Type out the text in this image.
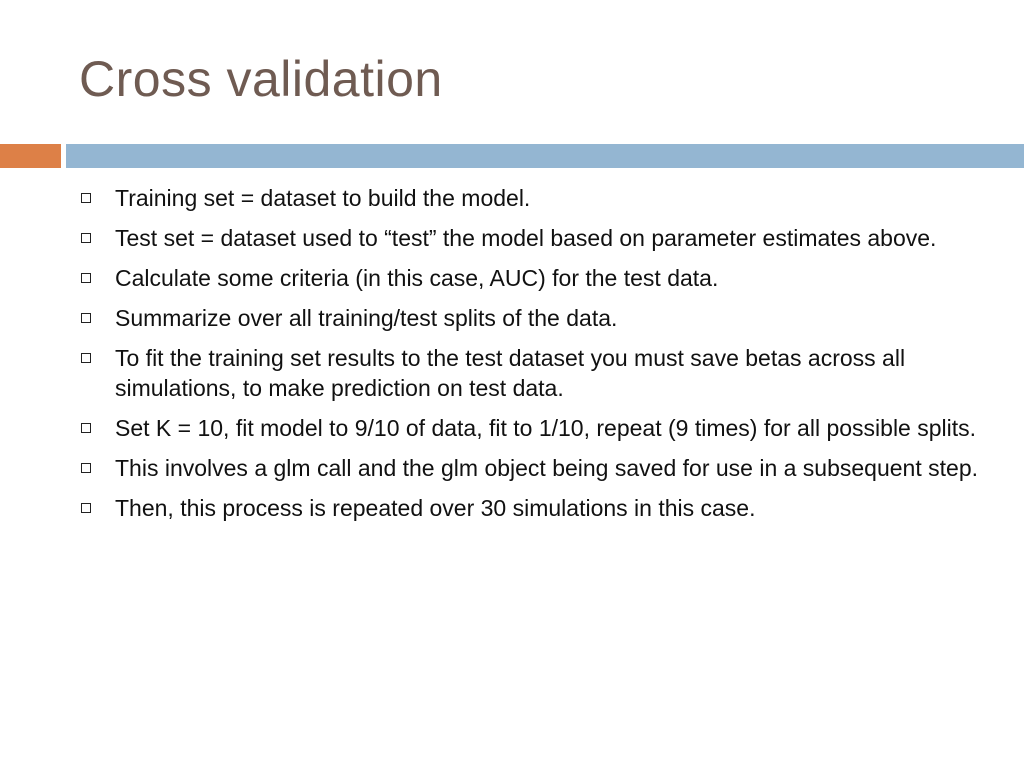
Cross validation
Training set = dataset to build the model.
Test set = dataset used to “test” the model based on parameter estimates above.
Calculate some criteria (in this case, AUC) for the test data.
Summarize over all training/test splits of the data.
To fit the training set results to the test dataset you must save betas across all simulations, to make prediction on test data.
Set K = 10, fit model to 9/10 of data, fit to 1/10, repeat (9 times) for all possible splits.
This involves a glm call and the glm object being saved for use in a subsequent step.
Then, this process is repeated over 30 simulations in this case.
